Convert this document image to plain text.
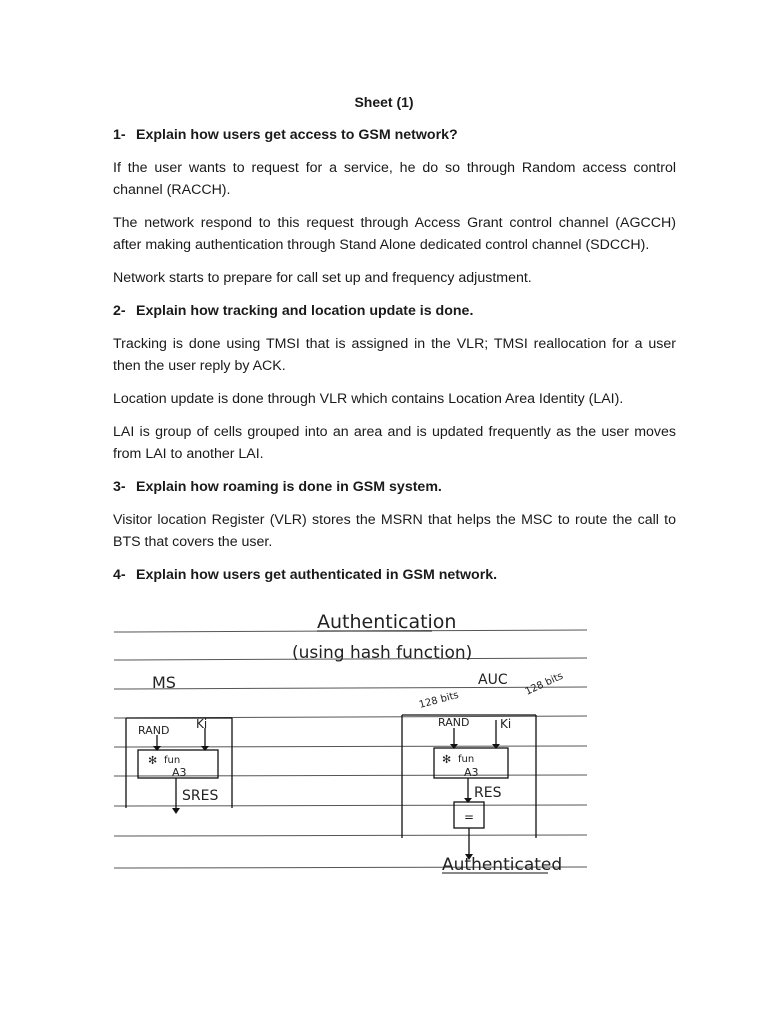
Sheet (1)
1- Explain how users get access to GSM network?
If the user wants to request for a service, he do so through Random access control channel (RACCH).
The network respond to this request through Access Grant control channel (AGCCH) after making authentication through Stand Alone dedicated control channel (SDCCH).
Network starts to prepare for call set up and frequency adjustment.
2- Explain how tracking and location update is done.
Tracking is done using TMSI that is assigned in the VLR; TMSI reallocation for a user then the user reply by ACK.
Location update is done through VLR which contains Location Area Identity (LAI).
LAI is group of cells grouped into an area and is updated frequently as the user moves from LAI to another LAI.
3- Explain how roaming is done in GSM system.
Visitor location Register (VLR) stores the MSRN that helps the MSC to route the call to BTS that covers the user.
4- Explain how users get authenticated in GSM network.
Authentication
(using hash function)
MS	AUC 128 bits
128 bits
RAND Ki
✻ fun
A3
SRES
RAND	Ki
✻ fun
A3
RES
=
Authenticated
